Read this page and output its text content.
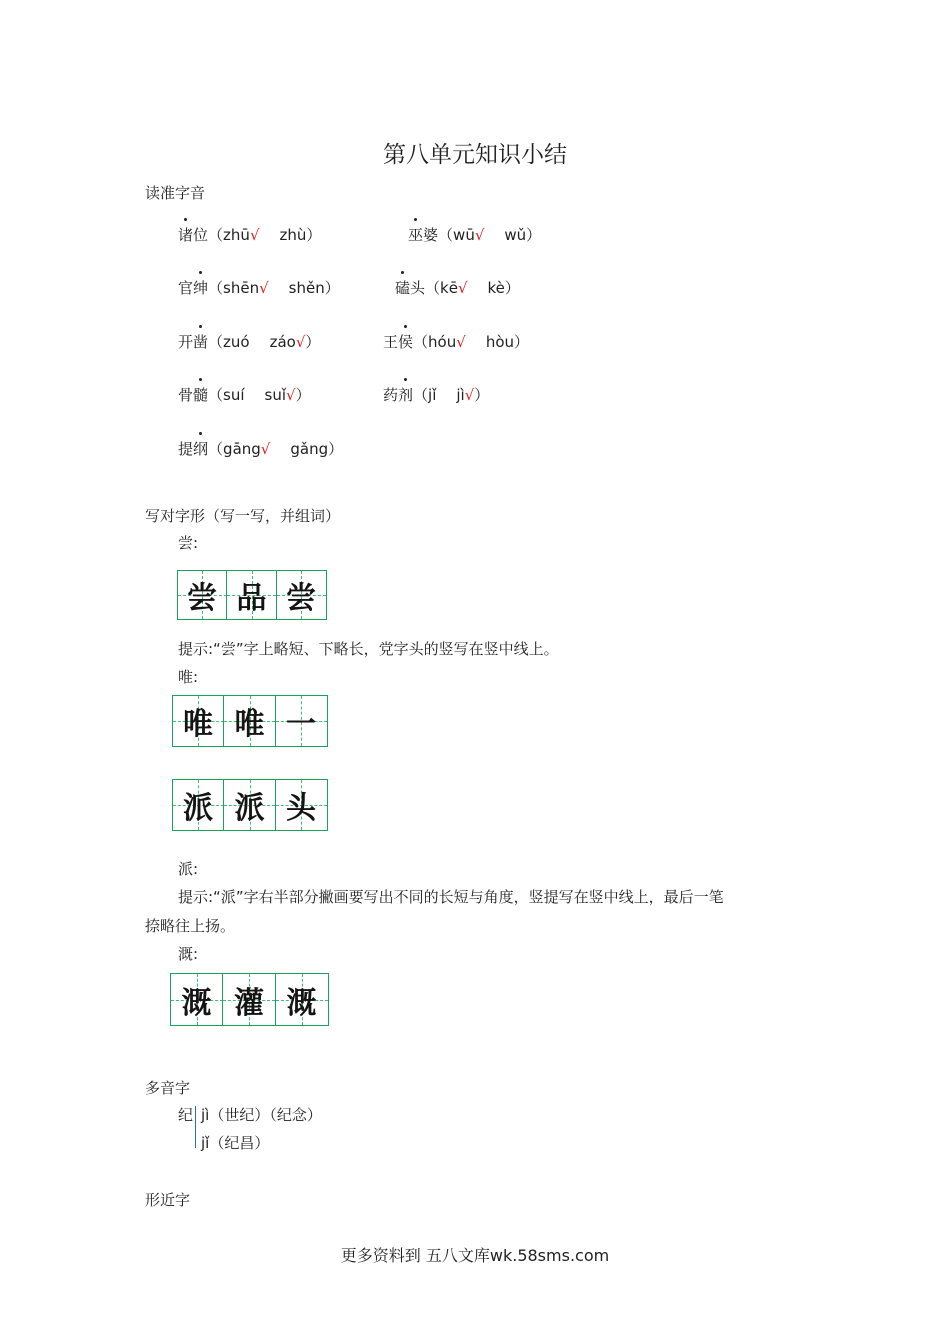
第八单元知识小结
读准字音
诸位（zhū√ zhù）	巫婆（wū√ wǔ）
官绅（shēn√ shěn）	磕头（kē√ kè）
开凿（zuó záo√）	王侯（hóu√ hòu）
骨髓（suí suǐ√）	药剂（jǐ jì√）
提纲（gāng√ gǎng）
写对字形（写一写，并组词）
尝:
尝 品 尝
提示:“尝”字上略短、下略长，党字头的竖写在竖中线上。
唯:
唯 唯 一
派 派 头
派:
提示:“派”字右半部分撇画要写出不同的长短与角度，竖提写在竖中线上，最后一笔
捺略往上扬。
溉:
溉 灌 溉
多音字
纪 jì（世纪）（纪念）
jǐ（纪昌）
形近字
更多资料到 五八文库wk.58sms.com
